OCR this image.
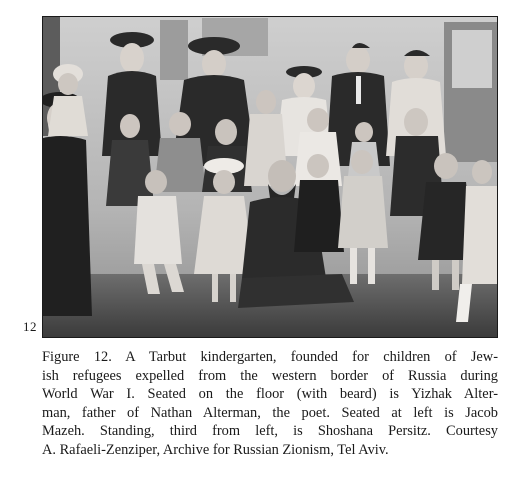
12

Figure 12. A Tarbut kindergarten, founded for children of Jew-
ish refugees expelled from the western border of Russia during
World War I. Seated on the floor (with beard) is Yizhak Alter-
man, father of Nathan Alterman, the poet. Seated at left is Jacob
Mazeh. Standing, third from left, is Shoshana Persitz. Courtesy
A. Rafaeli-Zenziper, Archive for Russian Zionism, Tel Aviv.
